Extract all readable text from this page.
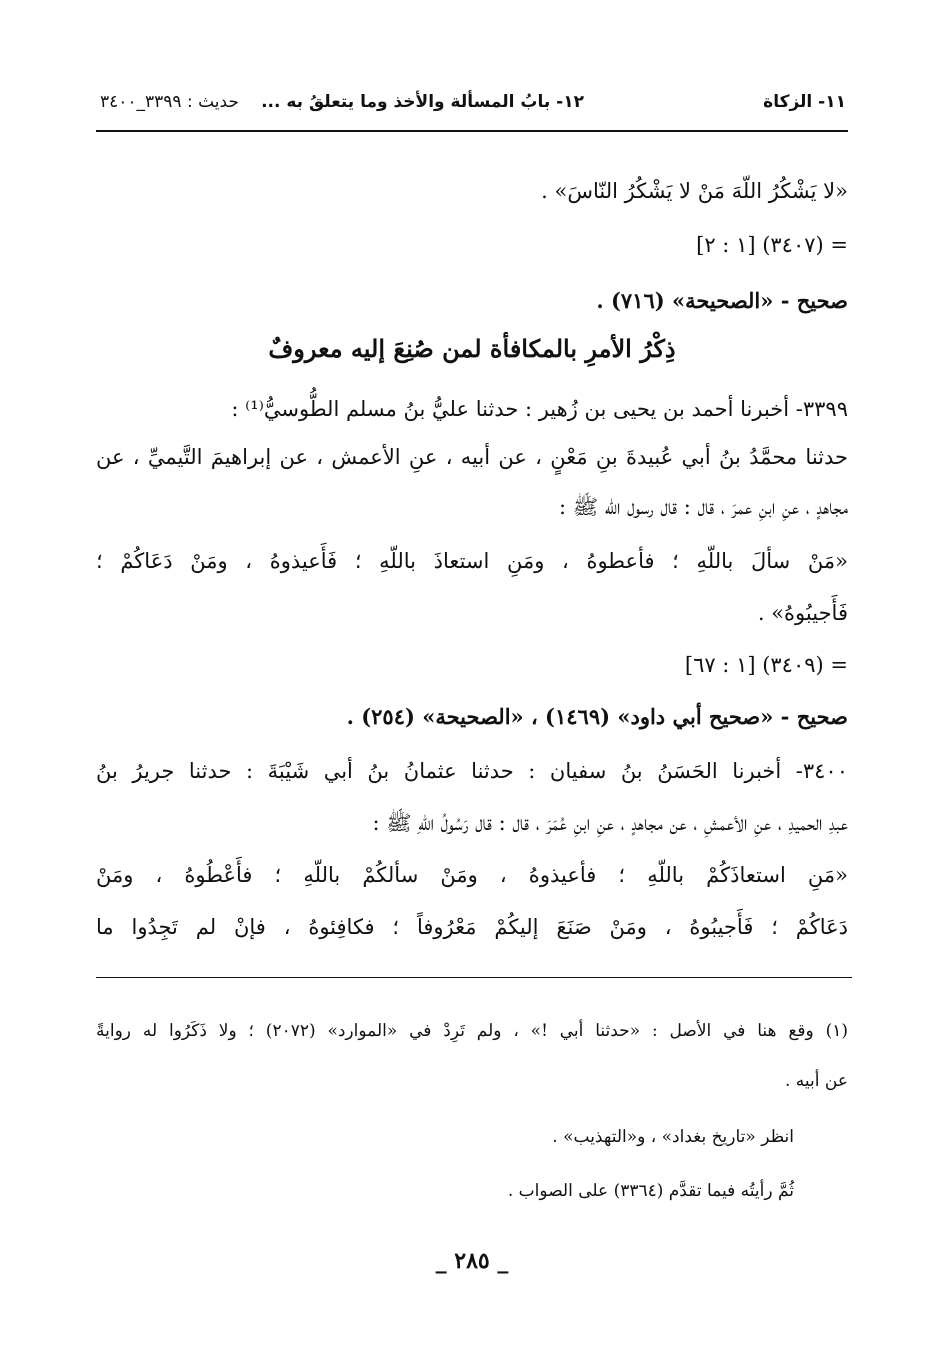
١١- الزكاة
١٢- بابُ المسألة والأخذ وما يتعلقُ به ...
حديث : ٣٣٩٩_٣٤٠٠
«لا يَشْكُرُ اللّهَ مَنْ لا يَشْكُرُ النّاسَ» .
= (٣٤٠٧) [١ : ٢]
صحيح - «الصحيحة» (٧١٦) .
ذِكْرُ الأمرِ بالمكافأة لمن صُنِعَ إليه معروفٌ
٣٣٩٩- أخبرنا أحمد بن يحيى بن زُهير : حدثنا عليُّ بنُ مسلم الطُّوسيُّ⁽¹⁾ :
حدثنا محمَّدُ بنُ أبي عُبيدةَ بنِ مَعْنٍ ، عن أبيه ، عنِ الأعمش ، عن إبراهيمَ التَّيميِّ ، عن
مجاهدٍ ، عنِ ابنِ عمرَ ، قال : قال رسول اللّه ﷺ :
«مَنْ سألَ باللّهِ ؛ فأعطوهُ ، ومَنِ استعاذَ باللّهِ ؛ فَأَعيذوهُ ، ومَنْ دَعَاكُمْ ؛
فَأَجيبُوهُ» .
= (٣٤٠٩) [١ : ٦٧]
صحيح - «صحيح أبي داود» (١٤٦٩) ، «الصحيحة» (٢٥٤) .
٣٤٠٠- أخبرنا الحَسَنُ بنُ سفيان : حدثنا عثمانُ بنُ أبي شَيْبَةَ : حدثنا جريرُ بنُ
عبدِ الحميدِ ، عنِ الأعمشِ ، عن مجاهدٍ ، عنِ ابنِ عُمَرَ ، قال : قال رَسُولُ اللّهِ ﷺ :
«مَنِ استعاذَكُمْ باللّهِ ؛ فأعيذوهُ ، ومَنْ سألكُمْ باللّهِ ؛ فأَعْطُوهُ ، ومَنْ
دَعَاكُمْ ؛ فَأَجيبُوهُ ، ومَنْ صَنَعَ إليكُمْ مَعْرُوفاً ؛ فكافِئوهُ ، فإنْ لم تَجِدُوا ما
(١) وقع هنا في الأصل : «حدثنا أبي !» ، ولم تَرِدْ في «الموارد» (٢٠٧٢) ؛ ولا ذَكَرُوا له روايةً
عن أبيه .
انظر «تاريخ بغداد» ، و«التهذيب» .
ثُمَّ رأيتُه فيما تقدَّم (٣٣٦٤) على الصواب .
_ ٢٨٥ _
